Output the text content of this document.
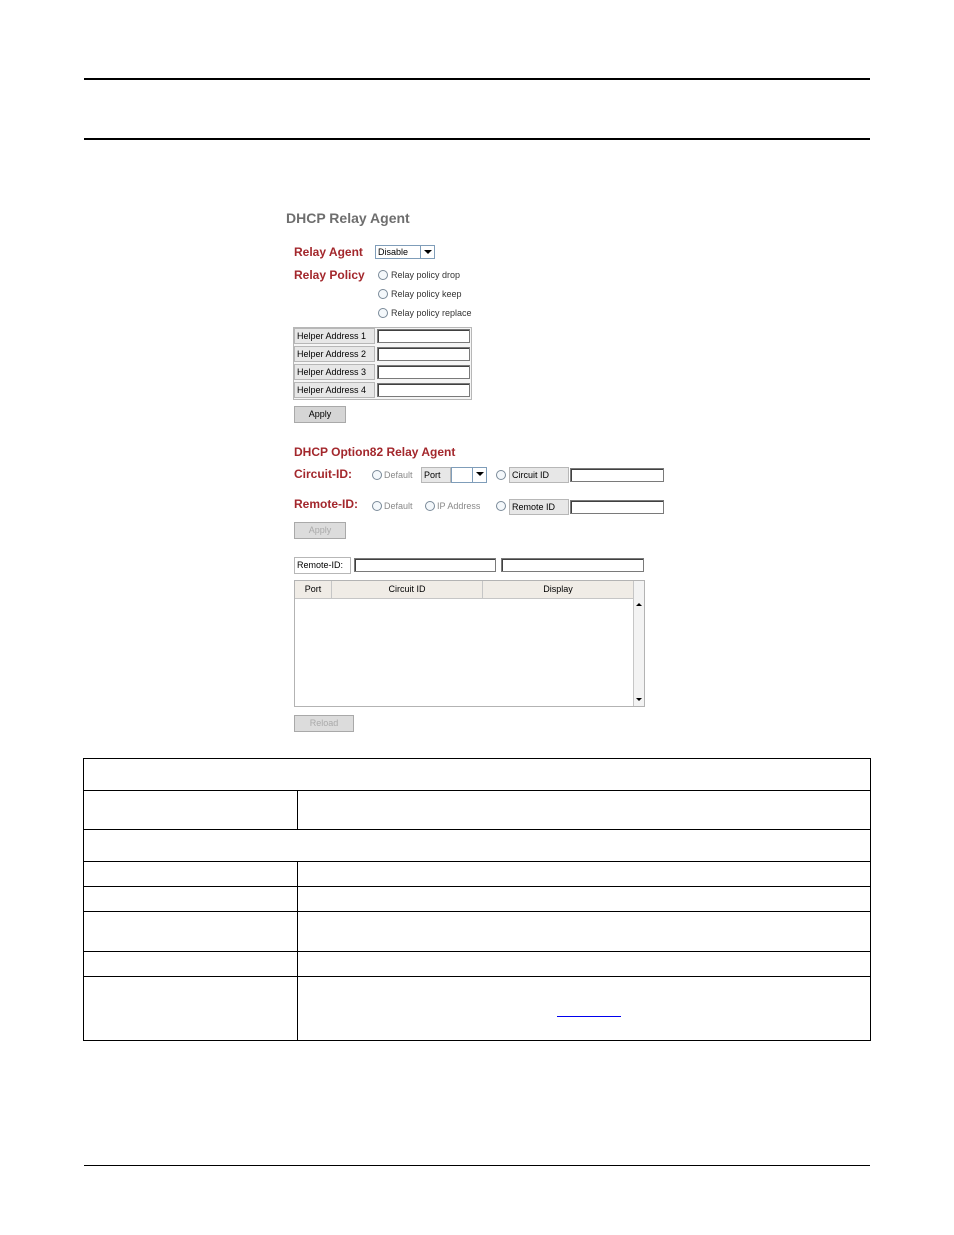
DHCP Relay Agent
Relay Agent Disable
Relay Policy	Relay policy drop
Relay policy keep
Relay policy replace
Helper Address 1
Helper Address 2
Helper Address 3
Helper Address 4
Apply
DHCP Option82 Relay Agent
Circuit-ID:	Default	Port	Circuit ID
Remote-ID:	Default	IP Address	Remote ID
Apply
Remote-ID:
Port	Circuit ID	Display
Reload
